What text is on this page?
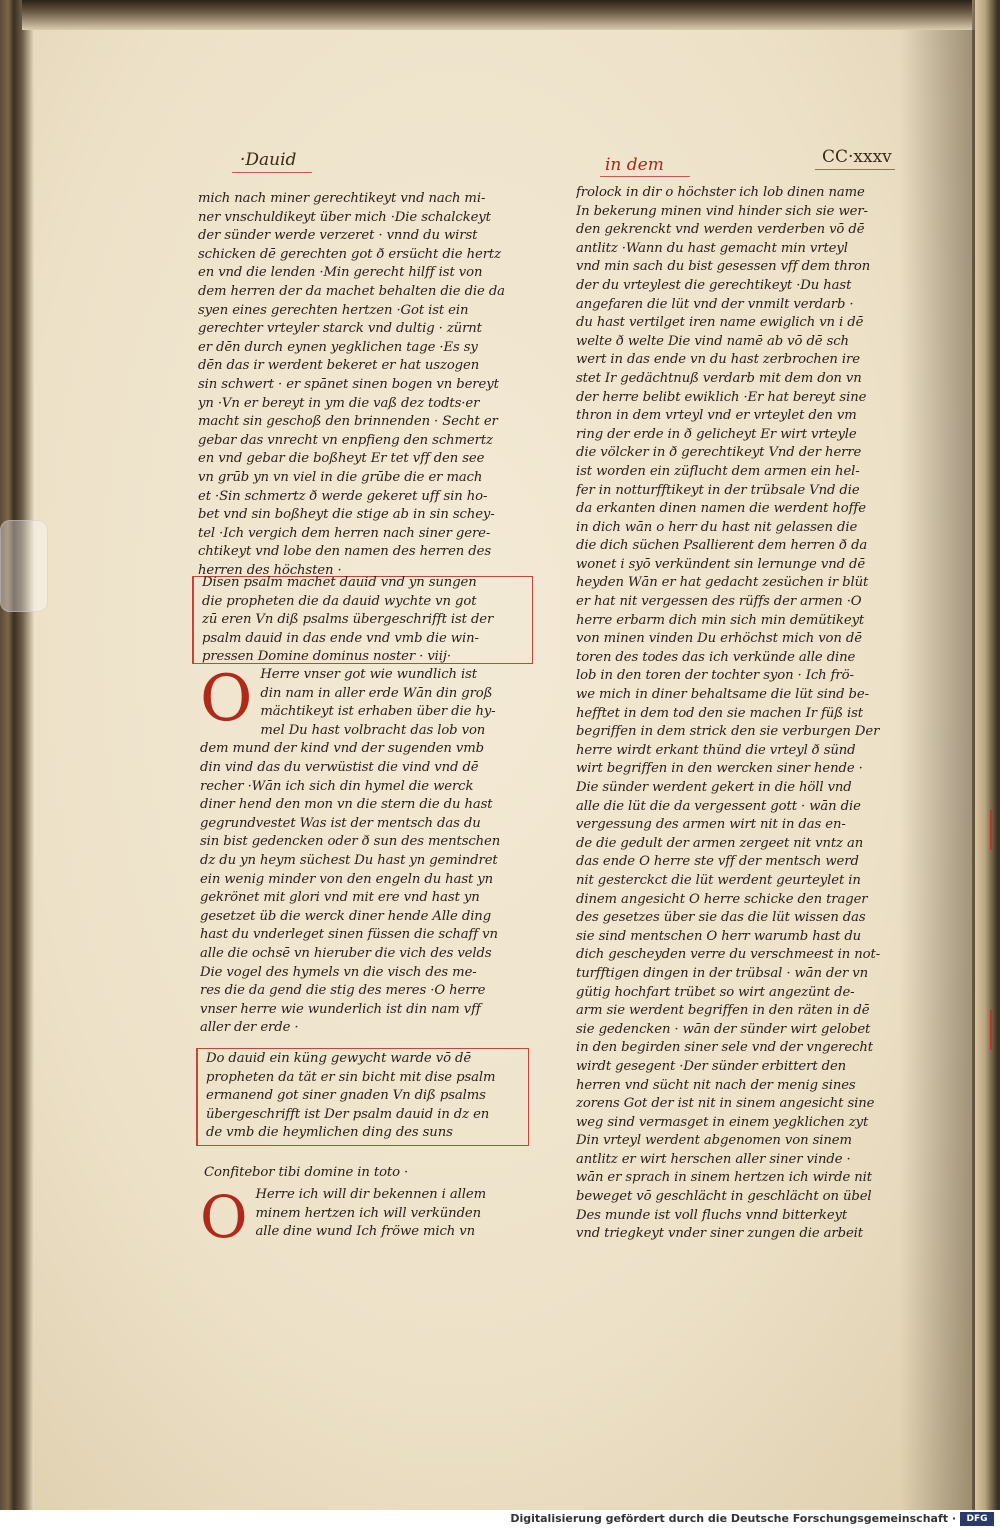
·Dauid	in dem	CC·xxxv
mich nach miner gerechtikeyt vnd nach mi-
ner vnschuldikeyt über mich ·Die schalckeyt
der sünder werde verzeret · vnnd du wirst
schicken dē gerechten got ð ersücht die hertz
en vnd die lenden ·Min gerecht hilff ist von
dem herren der da machet behalten die die da
syen eines gerechten hertzen ·Got ist ein
gerechter vrteyler starck vnd dultig · zürnt
er dēn durch eynen yegklichen tage ·Es sy
dēn das ir werdent bekeret er hat uszogen
sin schwert · er spānet sinen bogen vn bereyt
yn ·Vn er bereyt in ym die vaß dez todts·er
macht sin geschoß den brinnenden · Secht er
gebar das vnrecht vn enpfieng den schmertz
en vnd gebar die boßheyt Er tet vff den see
vn grūb yn vn viel in die grūbe die er mach
et ·Sin schmertz ð werde gekeret uff sin ho-
bet vnd sin boßheyt die stige ab in sin schey-
tel ·Ich vergich dem herren nach siner gere-
chtikeyt vnd lobe den namen des herren des
herren des höchsten ·
Disen psalm machet dauid vnd yn sungen
die propheten die da dauid wychte vn got
zū eren Vn diß psalms übergeschrifft ist der
psalm dauid in das ende vnd vmb die win-
pressen Domine dominus noster · viij·
O Herre vnser got wie wundlich ist
din nam in aller erde Wān din groß
mächtikeyt ist erhaben über die hy-
mel Du hast volbracht das lob von
dem mund der kind vnd der sugenden vmb
din vind das du verwüstist die vind vnd dē
recher ·Wān ich sich din hymel die werck
diner hend den mon vn die stern die du hast
gegrundvestet Was ist der mentsch das du
sin bist gedencken oder ð sun des mentschen
dz du yn heym süchest Du hast yn gemindret
ein wenig minder von den engeln du hast yn
gekrönet mit glori vnd mit ere vnd hast yn
gesetzet üb die werck diner hende Alle ding
hast du vnderleget sinen füssen die schaff vn
alle die ochsē vn hieruber die vich des velds
Die vogel des hymels vn die visch des me-
res die da gend die stig des meres ·O herre
vnser herre wie wunderlich ist din nam vff
aller der erde ·
Do dauid ein küng gewycht warde vō dē
propheten da tät er sin bicht mit dise psalm
ermanend got siner gnaden Vn diß psalms
übergeschrifft ist Der psalm dauid in dz en
de vmb die heymlichen ding des suns
Confitebor tibi domine in toto ·
O Herre ich will dir bekennen i allem
minem hertzen ich will verkünden
alle dine wund Ich fröwe mich vn
frolock in dir o höchster ich lob dinen name
In bekerung minen vind hinder sich sie wer-
den gekrenckt vnd werden verderben vō dē
antlitz ·Wann du hast gemacht min vrteyl
vnd min sach du bist gesessen vff dem thron
der du vrteylest die gerechtikeyt ·Du hast
angefaren die lüt vnd der vnmilt verdarb ·
du hast vertilget iren name ewiglich vn i dē
welte ð welte Die vind namē ab vō dē sch
wert in das ende vn du hast zerbrochen ire
stet Ir gedächtnuß verdarb mit dem don vn
der herre belibt ewiklich ·Er hat bereyt sine
thron in dem vrteyl vnd er vrteylet den vm
ring der erde in ð gelicheyt Er wirt vrteyle
die völcker in ð gerechtikeyt Vnd der herre
ist worden ein züflucht dem armen ein hel-
fer in notturfftikeyt in der trübsale Vnd die
da erkanten dinen namen die werdent hoffe
in dich wān o herr du hast nit gelassen die
die dich süchen Psallierent dem herren ð da
wonet i syō verkündent sin lernunge vnd dē
heyden Wān er hat gedacht zesüchen ir blüt
er hat nit vergessen des rüffs der armen ·O
herre erbarm dich min sich min demütikeyt
von minen vinden Du erhöchst mich von dē
toren des todes das ich verkünde alle dine
lob in den toren der tochter syon · Ich frö-
we mich in diner behaltsame die lüt sind be-
hefftet in dem tod den sie machen Ir füß ist
begriffen in dem strick den sie verburgen Der
herre wirdt erkant thünd die vrteyl ð sünd
wirt begriffen in den wercken siner hende ·
Die sünder werdent gekert in die höll vnd
alle die lüt die da vergessent gott · wān die
vergessung des armen wirt nit in das en-
de die gedult der armen zergeet nit vntz an
das ende O herre ste vff der mentsch werd
nit gesterckct die lüt werdent geurteylet in
dinem angesicht O herre schicke den trager
des gesetzes über sie das die lüt wissen das
sie sind mentschen O herr warumb hast du
dich gescheyden verre du verschmeest in not-
turfftigen dingen in der trübsal · wān der vn
gütig hochfart trübet so wirt angezünt de-
arm sie werdent begriffen in den räten in dē
sie gedencken · wān der sünder wirt gelobet
in den begirden siner sele vnd der vngerecht
wirdt gesegent ·Der sünder erbittert den
herren vnd sücht nit nach der menig sines
zorens Got der ist nit in sinem angesicht sine
weg sind vermasget in einem yegklichen zyt
Din vrteyl werdent abgenomen von sinem
antlitz er wirt herschen aller siner vinde ·
wān er sprach in sinem hertzen ich wirde nit
beweget vō geschlächt in geschlächt on übel
Des munde ist voll fluchs vnnd bitterkeyt
vnd triegkeyt vnder siner zungen die arbeit
Digitalisierung gefördert durch die Deutsche Forschungsgemeinschaft ·	DFG
